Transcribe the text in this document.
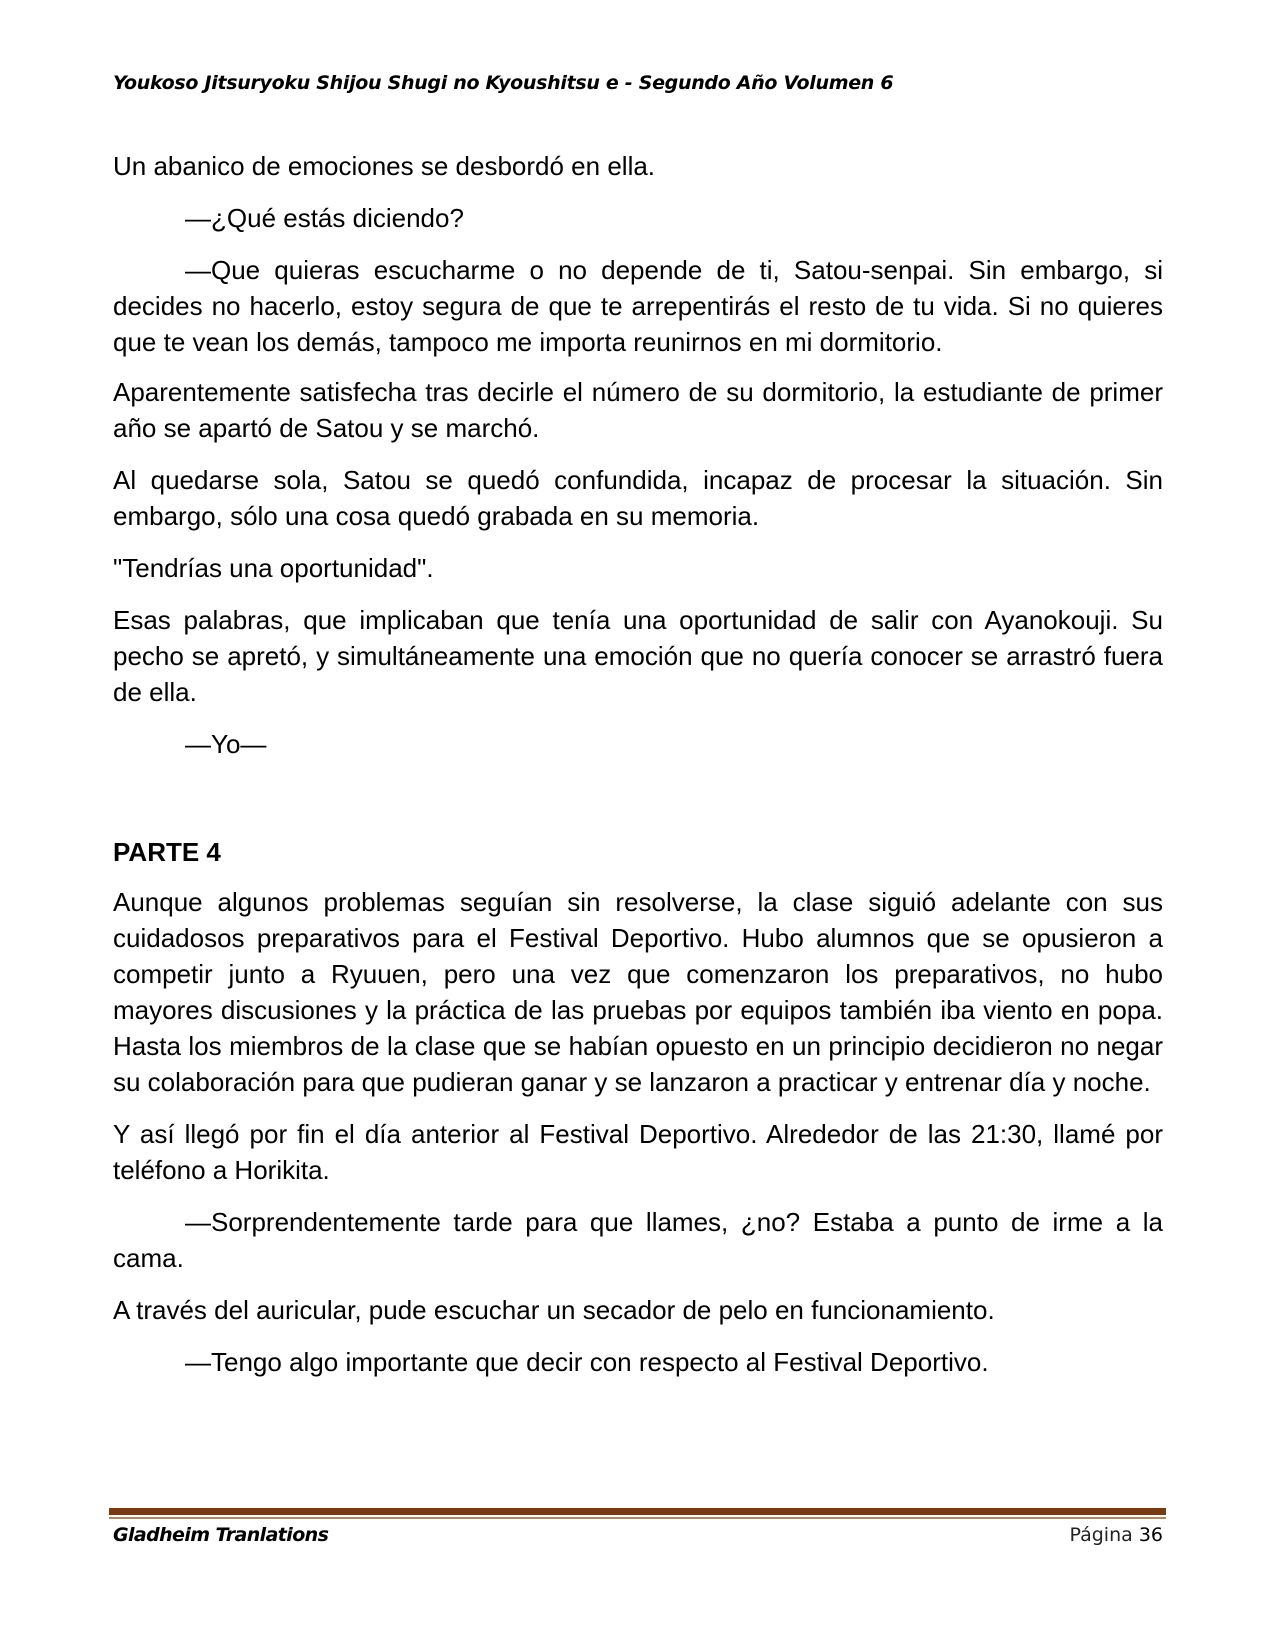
Youkoso Jitsuryoku Shijou Shugi no Kyoushitsu e - Segundo Año Volumen 6

Un abanico de emociones se desbordó en ella.

—¿Qué estás diciendo?

—Que quieras escucharme o no depende de ti, Satou-senpai. Sin embargo, si decides no hacerlo, estoy segura de que te arrepentirás el resto de tu vida. Si no quieres que te vean los demás, tampoco me importa reunirnos en mi dormitorio.

Aparentemente satisfecha tras decirle el número de su dormitorio, la estudiante de primer año se apartó de Satou y se marchó.

Al quedarse sola, Satou se quedó confundida, incapaz de procesar la situación. Sin embargo, sólo una cosa quedó grabada en su memoria.

"Tendrías una oportunidad".

Esas palabras, que implicaban que tenía una oportunidad de salir con Ayanokouji. Su pecho se apretó, y simultáneamente una emoción que no quería conocer se arrastró fuera de ella.

—Yo—

PARTE 4

Aunque algunos problemas seguían sin resolverse, la clase siguió adelante con sus cuidadosos preparativos para el Festival Deportivo. Hubo alumnos que se opusieron a competir junto a Ryuuen, pero una vez que comenzaron los preparativos, no hubo mayores discusiones y la práctica de las pruebas por equipos también iba viento en popa. Hasta los miembros de la clase que se habían opuesto en un principio decidieron no negar su colaboración para que pudieran ganar y se lanzaron a practicar y entrenar día y noche.

Y así llegó por fin el día anterior al Festival Deportivo. Alrededor de las 21:30, llamé por teléfono a Horikita.

—Sorprendentemente tarde para que llames, ¿no? Estaba a punto de irme a la cama.

A través del auricular, pude escuchar un secador de pelo en funcionamiento.

—Tengo algo importante que decir con respecto al Festival Deportivo.

Gladheim Tranlations	Página 36
